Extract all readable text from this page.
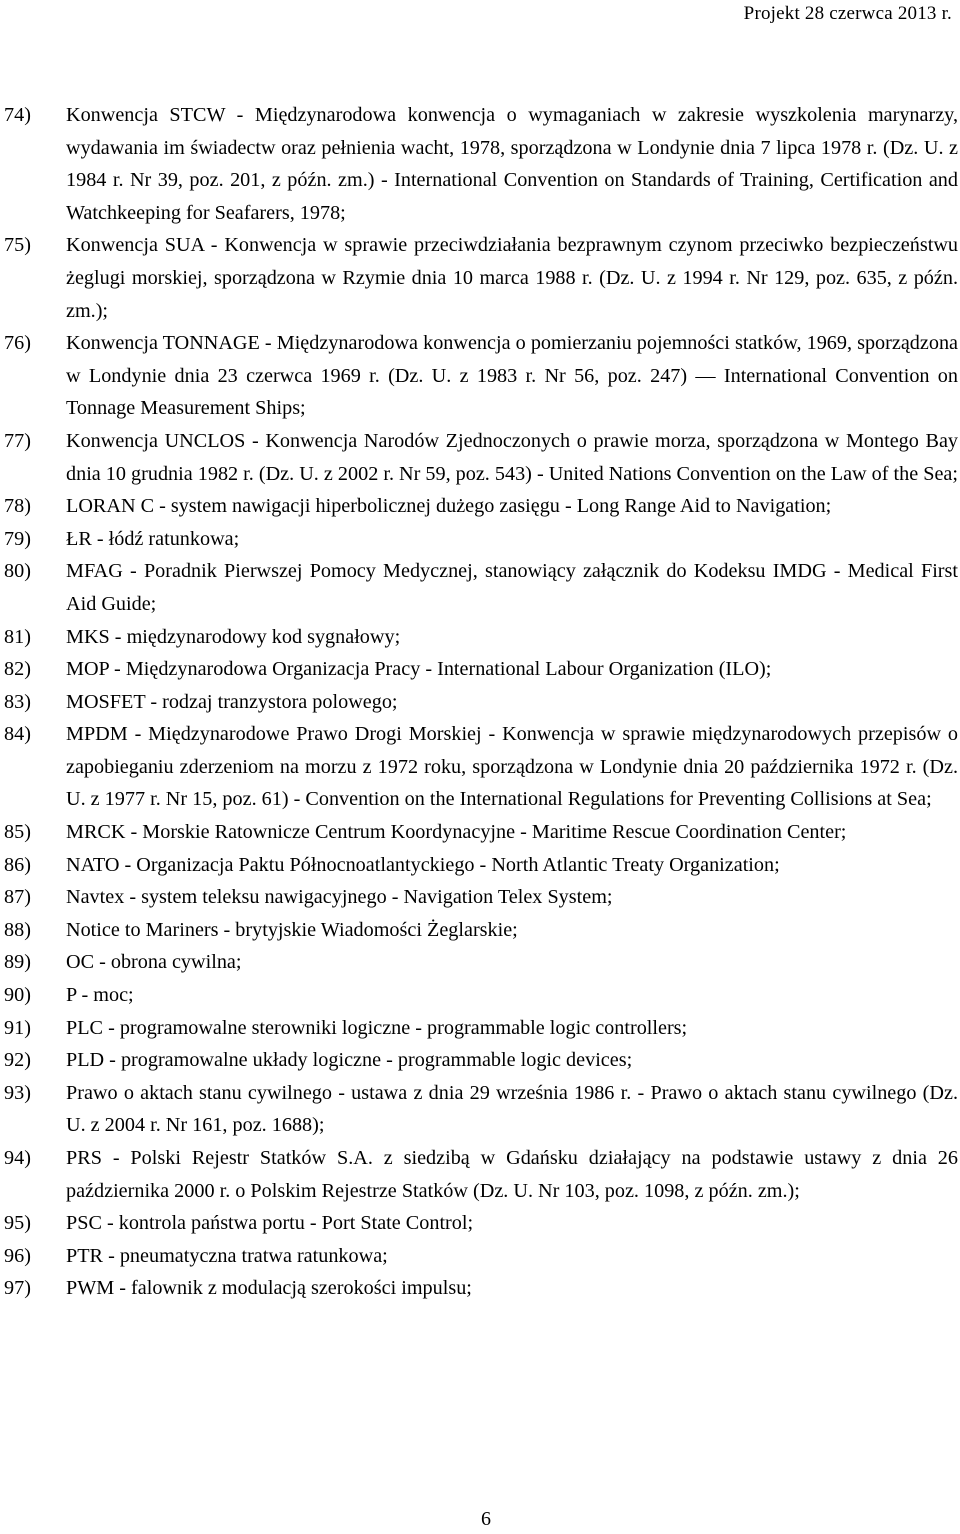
Projekt 28 czerwca 2013 r.
74)	Konwencja STCW - Międzynarodowa konwencja o wymaganiach w zakresie wyszkolenia marynarzy, wydawania im świadectw oraz pełnienia wacht, 1978, sporządzona w Londynie dnia 7 lipca 1978 r. (Dz. U. z 1984 r. Nr 39, poz. 201, z późn. zm.) - International Convention on Standards of Training, Certification and Watchkeeping for Seafarers, 1978;
75)	Konwencja SUA - Konwencja w sprawie przeciwdziałania bezprawnym czynom przeciwko bezpieczeństwu żeglugi morskiej, sporządzona w Rzymie dnia 10 marca 1988 r. (Dz. U. z 1994 r. Nr 129, poz. 635, z późn. zm.);
76)	Konwencja TONNAGE - Międzynarodowa konwencja o pomierzaniu pojemności statków, 1969, sporządzona w Londynie dnia 23 czerwca 1969 r. (Dz. U. z 1983 r. Nr 56, poz. 247) ― International Convention on Tonnage Measurement Ships;
77)	Konwencja UNCLOS - Konwencja Narodów Zjednoczonych o prawie morza, sporządzona w Montego Bay dnia 10 grudnia 1982 r. (Dz. U. z 2002 r. Nr 59, poz. 543) - United Nations Convention on the Law of the Sea;
78)	LORAN C - system nawigacji hiperbolicznej dużego zasięgu - Long Range Aid to Navigation;
79)	ŁR - łódź ratunkowa;
80)	MFAG - Poradnik Pierwszej Pomocy Medycznej, stanowiący załącznik do Kodeksu IMDG - Medical First Aid Guide;
81)	MKS - międzynarodowy kod sygnałowy;
82)	MOP - Międzynarodowa Organizacja Pracy - International Labour Organization (ILO);
83)	MOSFET - rodzaj tranzystora polowego;
84)	MPDM - Międzynarodowe Prawo Drogi Morskiej - Konwencja w sprawie międzynarodowych przepisów o zapobieganiu zderzeniom na morzu z 1972 roku, sporządzona w Londynie dnia 20 października 1972 r. (Dz. U. z 1977 r. Nr 15, poz. 61) - Convention on the International Regulations for Preventing Collisions at Sea;
85)	MRCK - Morskie Ratownicze Centrum Koordynacyjne - Maritime Rescue Coordination Center;
86)	NATO - Organizacja Paktu Północnoatlantyckiego - North Atlantic Treaty Organization;
87)	Navtex - system teleksu nawigacyjnego - Navigation Telex System;
88)	Notice to Mariners - brytyjskie Wiadomości Żeglarskie;
89)	OC - obrona cywilna;
90)	P - moc;
91)	PLC - programowalne sterowniki logiczne - programmable logic controllers;
92)	PLD - programowalne układy logiczne - programmable logic devices;
93)	Prawo o aktach stanu cywilnego - ustawa z dnia 29 września 1986 r. - Prawo o aktach stanu cywilnego (Dz. U. z 2004 r. Nr 161, poz. 1688);
94)	PRS - Polski Rejestr Statków S.A. z siedzibą w Gdańsku działający na podstawie ustawy z dnia 26 października 2000 r. o Polskim Rejestrze Statków (Dz. U. Nr 103, poz. 1098, z późn. zm.);
95)	PSC - kontrola państwa portu - Port State Control;
96)	PTR - pneumatyczna tratwa ratunkowa;
97)	PWM - falownik z modulacją szerokości impulsu;
6
